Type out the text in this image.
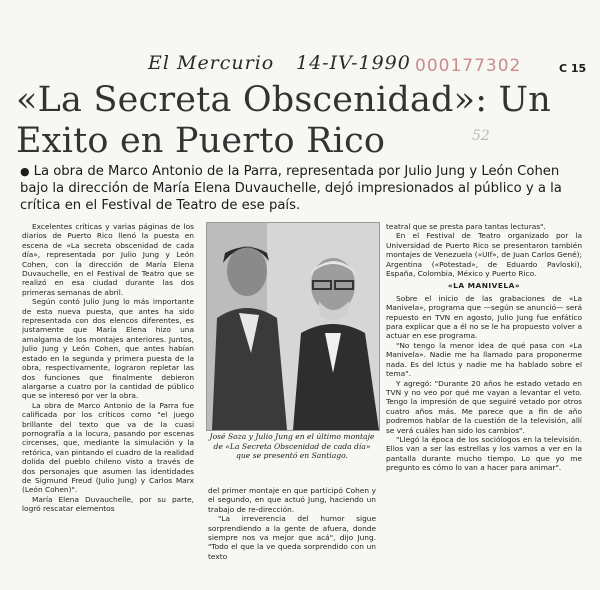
El Mercurio 14-IV-1990 000177302	C 15
52
«La Secreta Obscenidad»: Un Exito en Puerto Rico

● La obra de Marco Antonio de la Parra, representada por Julio Jung y León Cohen bajo la dirección de María Elena Duvauchelle, dejó impresionados al público y a la crítica en el Festival de Teatro de ese país.

Excelentes críticas y varias páginas de los diarios de Puerto Rico llenó la puesta en escena de «La secreta obscenidad de cada día», representada por Julio Jung y León Cohen, con la dirección de María Elena Duvauchelle, en el Festival de Teatro que se realizó en esa ciudad durante las dos primeras semanas de abril.

Según contó Julio Jung lo más importante de esta nueva puesta, que antes ha sido representada con dos elencos diferentes, es justamente que María Elena hizo una amalgama de los montajes anteriores. Juntos, Julio Jung y León Cohen, que antes habían estado en la segunda y primera puesta de la obra, respectivamente, lograron repletar las dos funciones que finalmente debieron alargarse a cuatro por la cantidad de público que se interesó por ver la obra.

La obra de Marco Antonio de la Parra fue calificada por los críticos como "el juego brillante del texto que va de la cuasi pornografía a la locura, pasando por escenas circenses, que, mediante la simulación y la retórica, van pintando el cuadro de la realidad dolida del pueblo chileno visto a través de dos personajes que asumen las identidades de Sigmund Freud (Julio Jung) y Carlos Marx (León Cohen)".

María Elena Duvauchelle, por su parte, logró rescatar elementos

José Soza y Julio Jung en el último montaje de «La Secreta Obscenidad de cada día» que se presentó en Santiago.

del primer montaje en que participó Cohen y el segundo, en que actuó Jung, haciendo un trabajo de re-dirección.

"La irreverencia del humor sigue sorprendiendo a la gente de afuera, donde siempre nos va mejor que acá", dijo Jung. "Todo el que la ve queda sorprendido con un texto

teatral que se presta para tantas lecturas".

En el Festival de Teatro organizado por la Universidad de Puerto Rico se presentaron también montajes de Venezuela («UIf», de Juan Carlos Gené); Argentina («Potestad», de Eduardo Pavloski), España, Colombia, México y Puerto Rico.

«LA MANIVELA»

Sobre el inicio de las grabaciones de «La Manivela», programa que —según se anunció— será repuesto en TVN en agosto, Julio Jung fue enfático para explicar que a él no se le ha propuesto volver a actuar en ese programa.

"No tengo la menor idea de qué pasa con «La Manivela». Nadie me ha llamado para proponerme nada. Es del Ictus y nadie me ha hablado sobre el tema".

Y agregó: "Durante 20 años he estado vetado en TVN y no veo por qué me vayan a levantar el veto. Tengo la impresión de que seguiré vetado por otros cuatro años más. Me parece que a fin de año podremos hablar de la cuestión de la televisión, allí se verá cuáles han sido los cambios".

"Llegó la época de los sociólogos en la televisión. Ellos van a ser las estrellas y los vamos a ver en la pantalla durante mucho tiempo. Lo que yo me pregunto es cómo lo van a hacer para animar".
